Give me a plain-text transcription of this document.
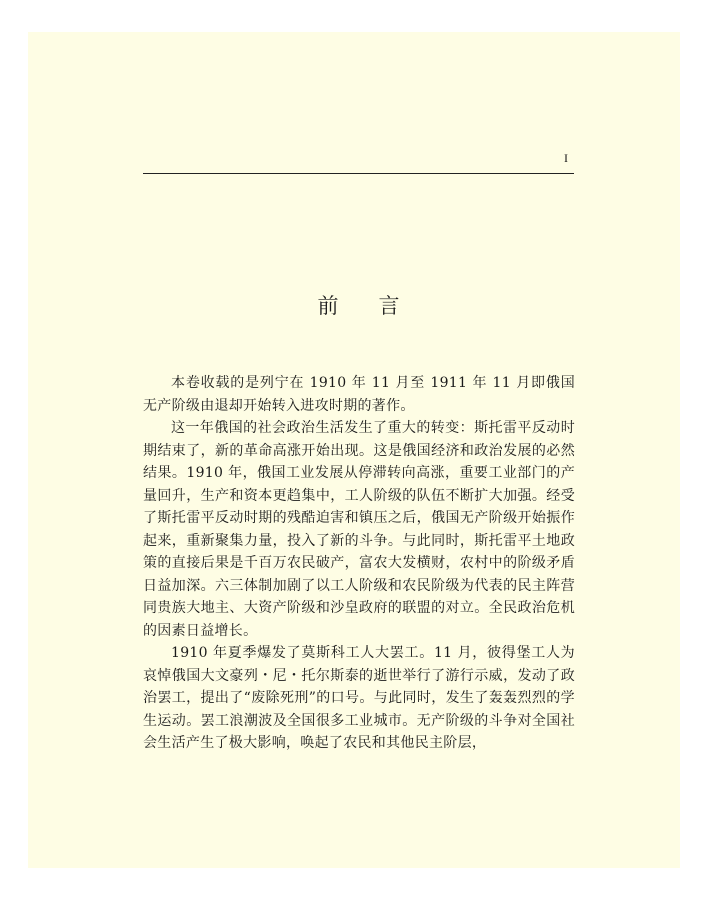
I
前言

本卷收载的是列宁在 1910 年 11 月至 1911 年 11 月即俄国无产阶级由退却开始转入进攻时期的著作。

这一年俄国的社会政治生活发生了重大的转变：斯托雷平反动时期结束了，新的革命高涨开始出现。这是俄国经济和政治发展的必然结果。1910 年，俄国工业发展从停滞转向高涨，重要工业部门的产量回升，生产和资本更趋集中，工人阶级的队伍不断扩大加强。经受了斯托雷平反动时期的残酷迫害和镇压之后，俄国无产阶级开始振作起来，重新聚集力量，投入了新的斗争。与此同时，斯托雷平土地政策的直接后果是千百万农民破产，富农大发横财，农村中的阶级矛盾日益加深。六三体制加剧了以工人阶级和农民阶级为代表的民主阵营同贵族大地主、大资产阶级和沙皇政府的联盟的对立。全民政治危机的因素日益增长。

1910 年夏季爆发了莫斯科工人大罢工。11 月，彼得堡工人为哀悼俄国大文豪列・尼・托尔斯泰的逝世举行了游行示威，发动了政治罢工，提出了“废除死刑”的口号。与此同时，发生了轰轰烈烈的学生运动。罢工浪潮波及全国很多工业城市。无产阶级的斗争对全国社会生活产生了极大影响，唤起了农民和其他民主阶层，
